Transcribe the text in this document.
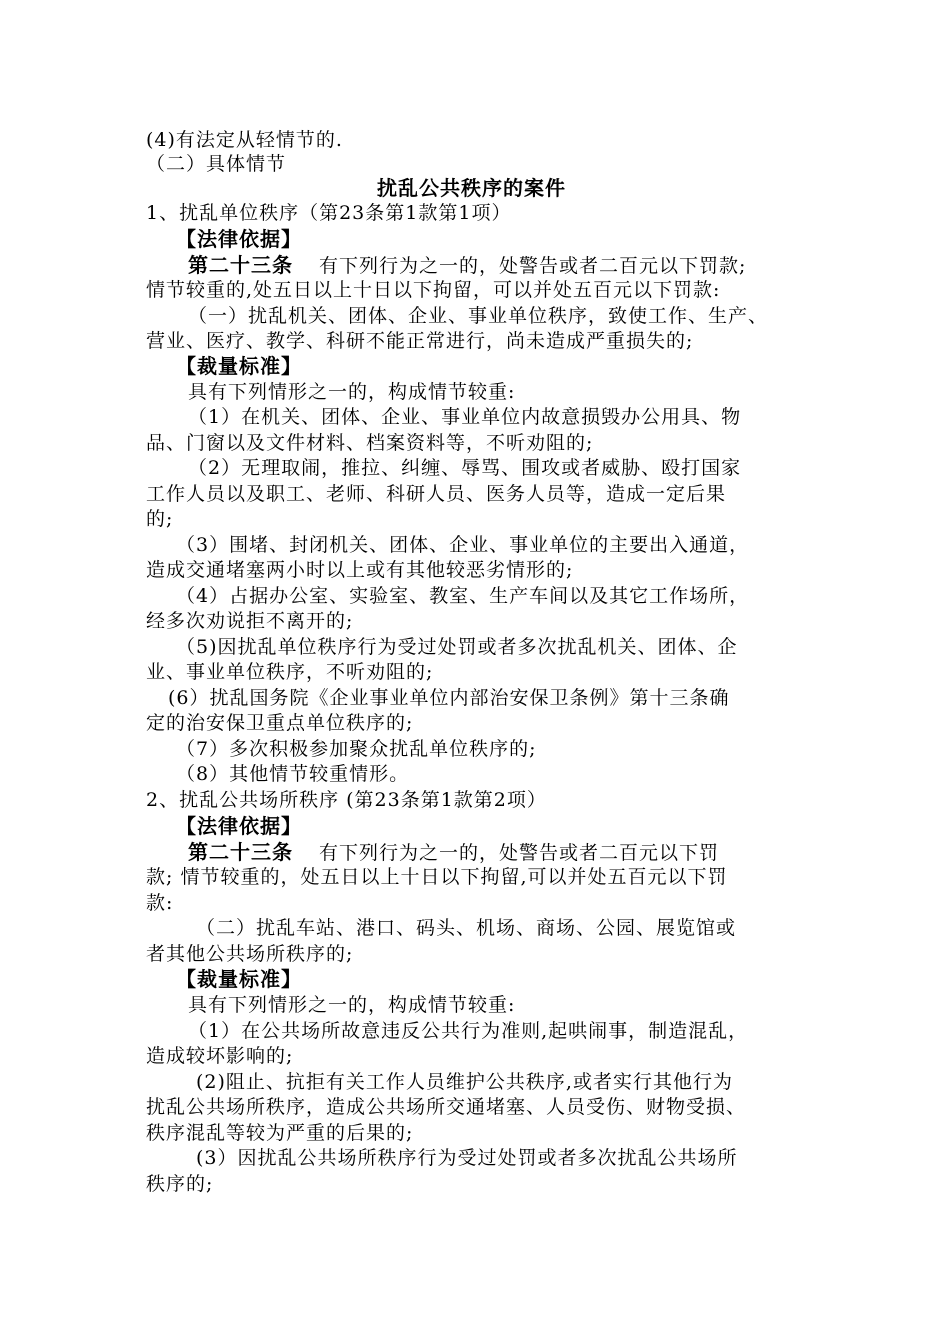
(4)有法定从轻情节的.
（二）具体情节
扰乱公共秩序的案件
1、扰乱单位秩序（第23条第1款第1项）
【法律依据】
第二十三条 有下列行为之一的，处警告或者二百元以下罚款;
情节较重的,处五日以上十日以下拘留，可以并处五百元以下罚款:
（一）扰乱机关、团体、企业、事业单位秩序，致使工作、生产、
营业、医疗、教学、科研不能正常进行，尚未造成严重损失的;
【裁量标准】
具有下列情形之一的，构成情节较重:
（1）在机关、团体、企业、事业单位内故意损毁办公用具、物
品、门窗以及文件材料、档案资料等，不听劝阻的;
（2）无理取闹，推拉、纠缠、辱骂、围攻或者威胁、殴打国家
工作人员以及职工、老师、科研人员、医务人员等，造成一定后果
的;
（3）围堵、封闭机关、团体、企业、事业单位的主要出入通道，
造成交通堵塞两小时以上或有其他较恶劣情形的;
（4）占据办公室、实验室、教室、生产车间以及其它工作场所，
经多次劝说拒不离开的;
（5)因扰乱单位秩序行为受过处罚或者多次扰乱机关、团体、企
业、事业单位秩序，不听劝阻的;
(6）扰乱国务院《企业事业单位内部治安保卫条例》第十三条确
定的治安保卫重点单位秩序的;
（7）多次积极参加聚众扰乱单位秩序的;
（8）其他情节较重情形。
2、扰乱公共场所秩序 (第23条第1款第2项）
【法律依据】
第二十三条 有下列行为之一的，处警告或者二百元以下罚
款; 情节较重的，处五日以上十日以下拘留,可以并处五百元以下罚
款:
（二）扰乱车站、港口、码头、机场、商场、公园、展览馆或
者其他公共场所秩序的;
【裁量标准】
具有下列情形之一的，构成情节较重:
（1）在公共场所故意违反公共行为准则,起哄闹事，制造混乱，
造成较坏影响的;
(2)阻止、抗拒有关工作人员维护公共秩序,或者实行其他行为
扰乱公共场所秩序，造成公共场所交通堵塞、人员受伤、财物受损、
秩序混乱等较为严重的后果的;
(3）因扰乱公共场所秩序行为受过处罚或者多次扰乱公共场所
秩序的;
